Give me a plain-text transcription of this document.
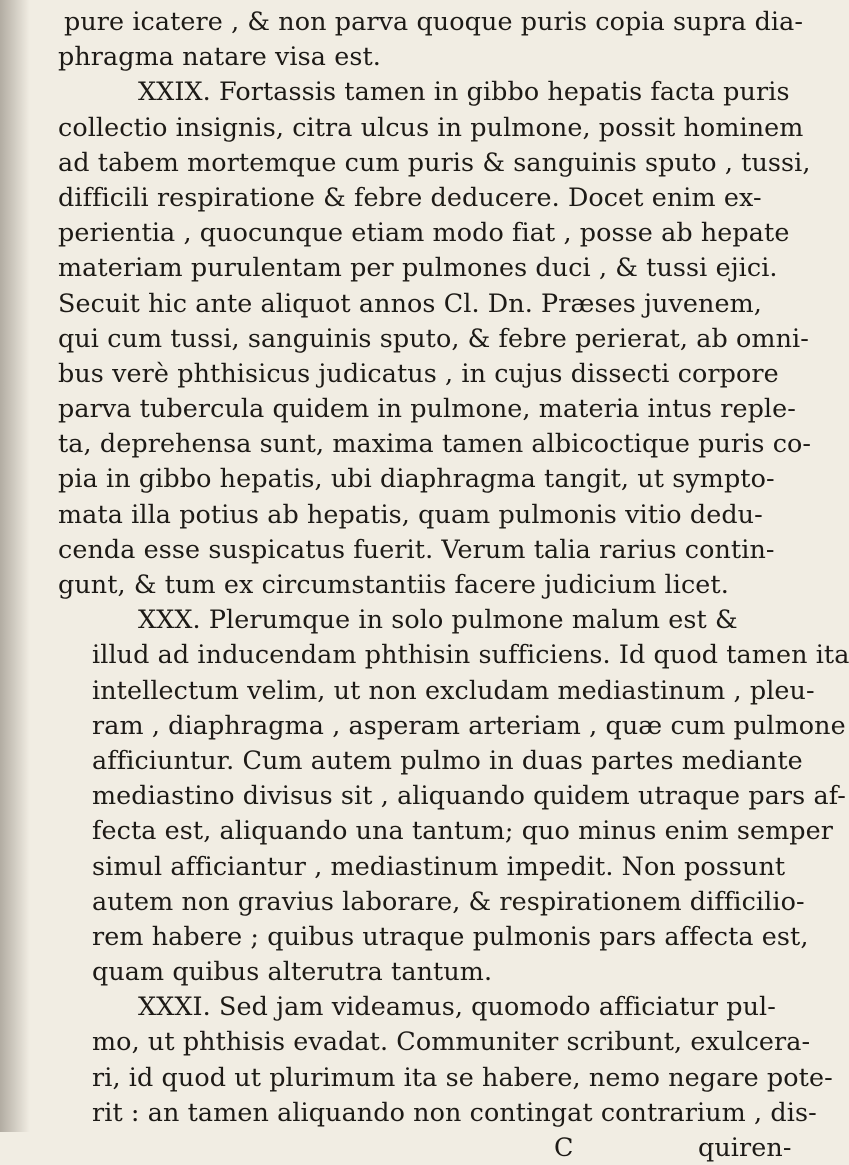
pure icatere , & non parva quoque puris copia supra dia-
phragma natare visa est.
XXIX. Fortassis tamen in gibbo hepatis facta puris
collectio insignis, citra ulcus in pulmone, possit hominem
ad tabem mortemque cum puris & sanguinis sputo , tussi,
difficili respiratione & febre deducere. Docet enim ex-
perientia , quocunque etiam modo fiat , posse ab hepate
materiam purulentam per pulmones duci , & tussi ejici.
Secuit hic ante aliquot annos Cl. Dn. Præses juvenem,
qui cum tussi, sanguinis sputo, & febre perierat, ab omni-
bus verè phthisicus judicatus , in cujus dissecti corpore
parva tubercula quidem in pulmone, materia intus reple-
ta, deprehensa sunt, maxima tamen albicoctique puris co-
pia in gibbo hepatis, ubi diaphragma tangit, ut sympto-
mata illa potius ab hepatis, quam pulmonis vitio dedu-
cenda esse suspicatus fuerit. Verum talia rarius contin-
gunt, & tum ex circumstantiis facere judicium licet.
XXX. Plerumque in solo pulmone malum est &
illud ad inducendam phthisin sufficiens. Id quod tamen ita
intellectum velim, ut non excludam mediastinum , pleu-
ram , diaphragma , asperam arteriam , quæ cum pulmone
afficiuntur. Cum autem pulmo in duas partes mediante
mediastino divisus sit , aliquando quidem utraque pars af-
fecta est, aliquando una tantum; quo minus enim semper
simul afficiantur , mediastinum impedit. Non possunt
autem non gravius laborare, & respirationem difficilio-
rem habere ; quibus utraque pulmonis pars affecta est,
quam quibus alterutra tantum.
XXXI. Sed jam videamus, quomodo afficiatur pul-
mo, ut phthisis evadat. Communiter scribunt, exulcera-
ri, id quod ut plurimum ita se habere, nemo negare pote-
rit : an tamen aliquando non contingat contrarium , dis-
C	quiren-
